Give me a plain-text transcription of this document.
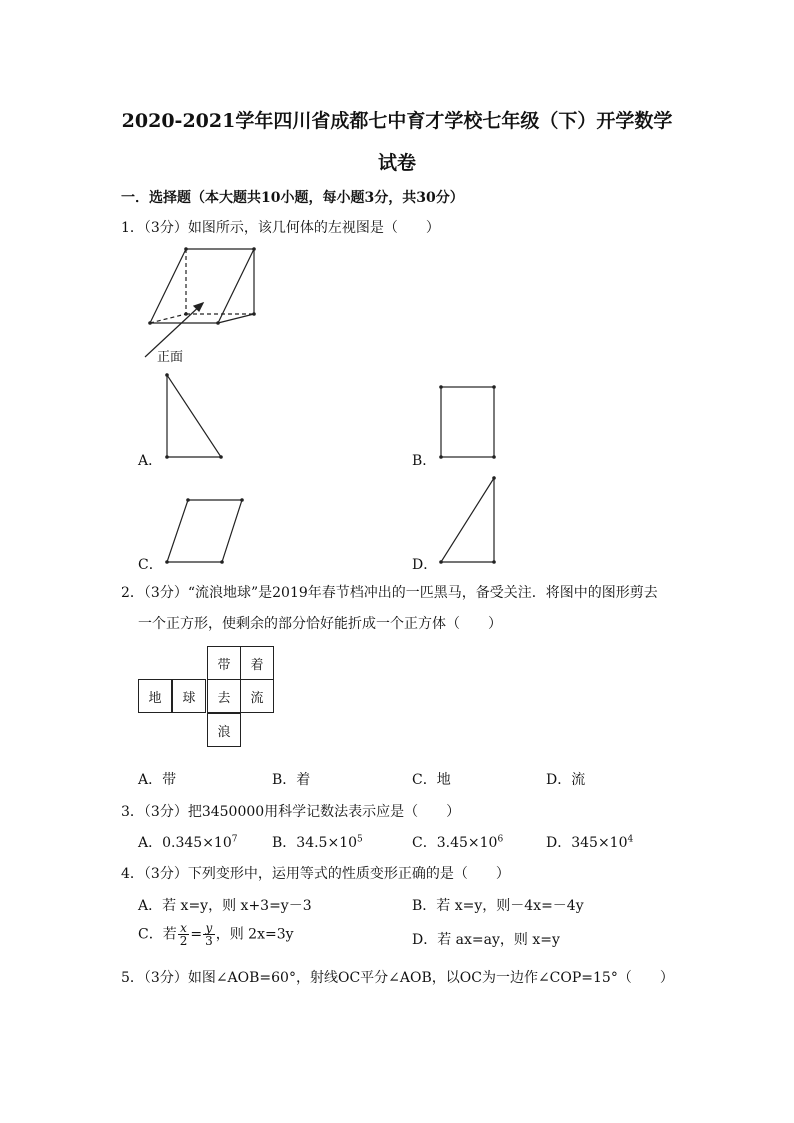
2020-2021学年四川省成都七中育才学校七年级（下）开学数学
试卷
一．选择题（本大题共10小题，每小题3分，共30分）
1．（3分）如图所示，该几何体的左视图是（　　）
正面
A．	B．
C．	D．
2．（3分）“流浪地球”是2019年春节档冲出的一匹黑马，备受关注．将图中的图形剪去
一个正方形，使剩余的部分恰好能折成一个正方体（　　）
带	着
地	球	去	流
浪
A．带	B．着	C．地	D．流
3．（3分）把3450000用科学记数法表示应是（　　）
A．$0.345\times 10^7$ B．$34.5\times 10^5$	C．$3.45\times 10^6$	D．$345\times 10^4$
4．（3分）下列变形中，运用等式的性质变形正确的是（　　）
A．若 x=y，则 x+3=y－3	B．若 x=y，则－4x=－4y
C．若 $\frac{x}{2} = \frac{y}{3}$ ，则 2x=3y	D．若 ax=ay，则 x=y
5．（3分）如图∠AOB=60°，射线OC平分∠AOB，以OC为一边作∠COP=15°（　　）
